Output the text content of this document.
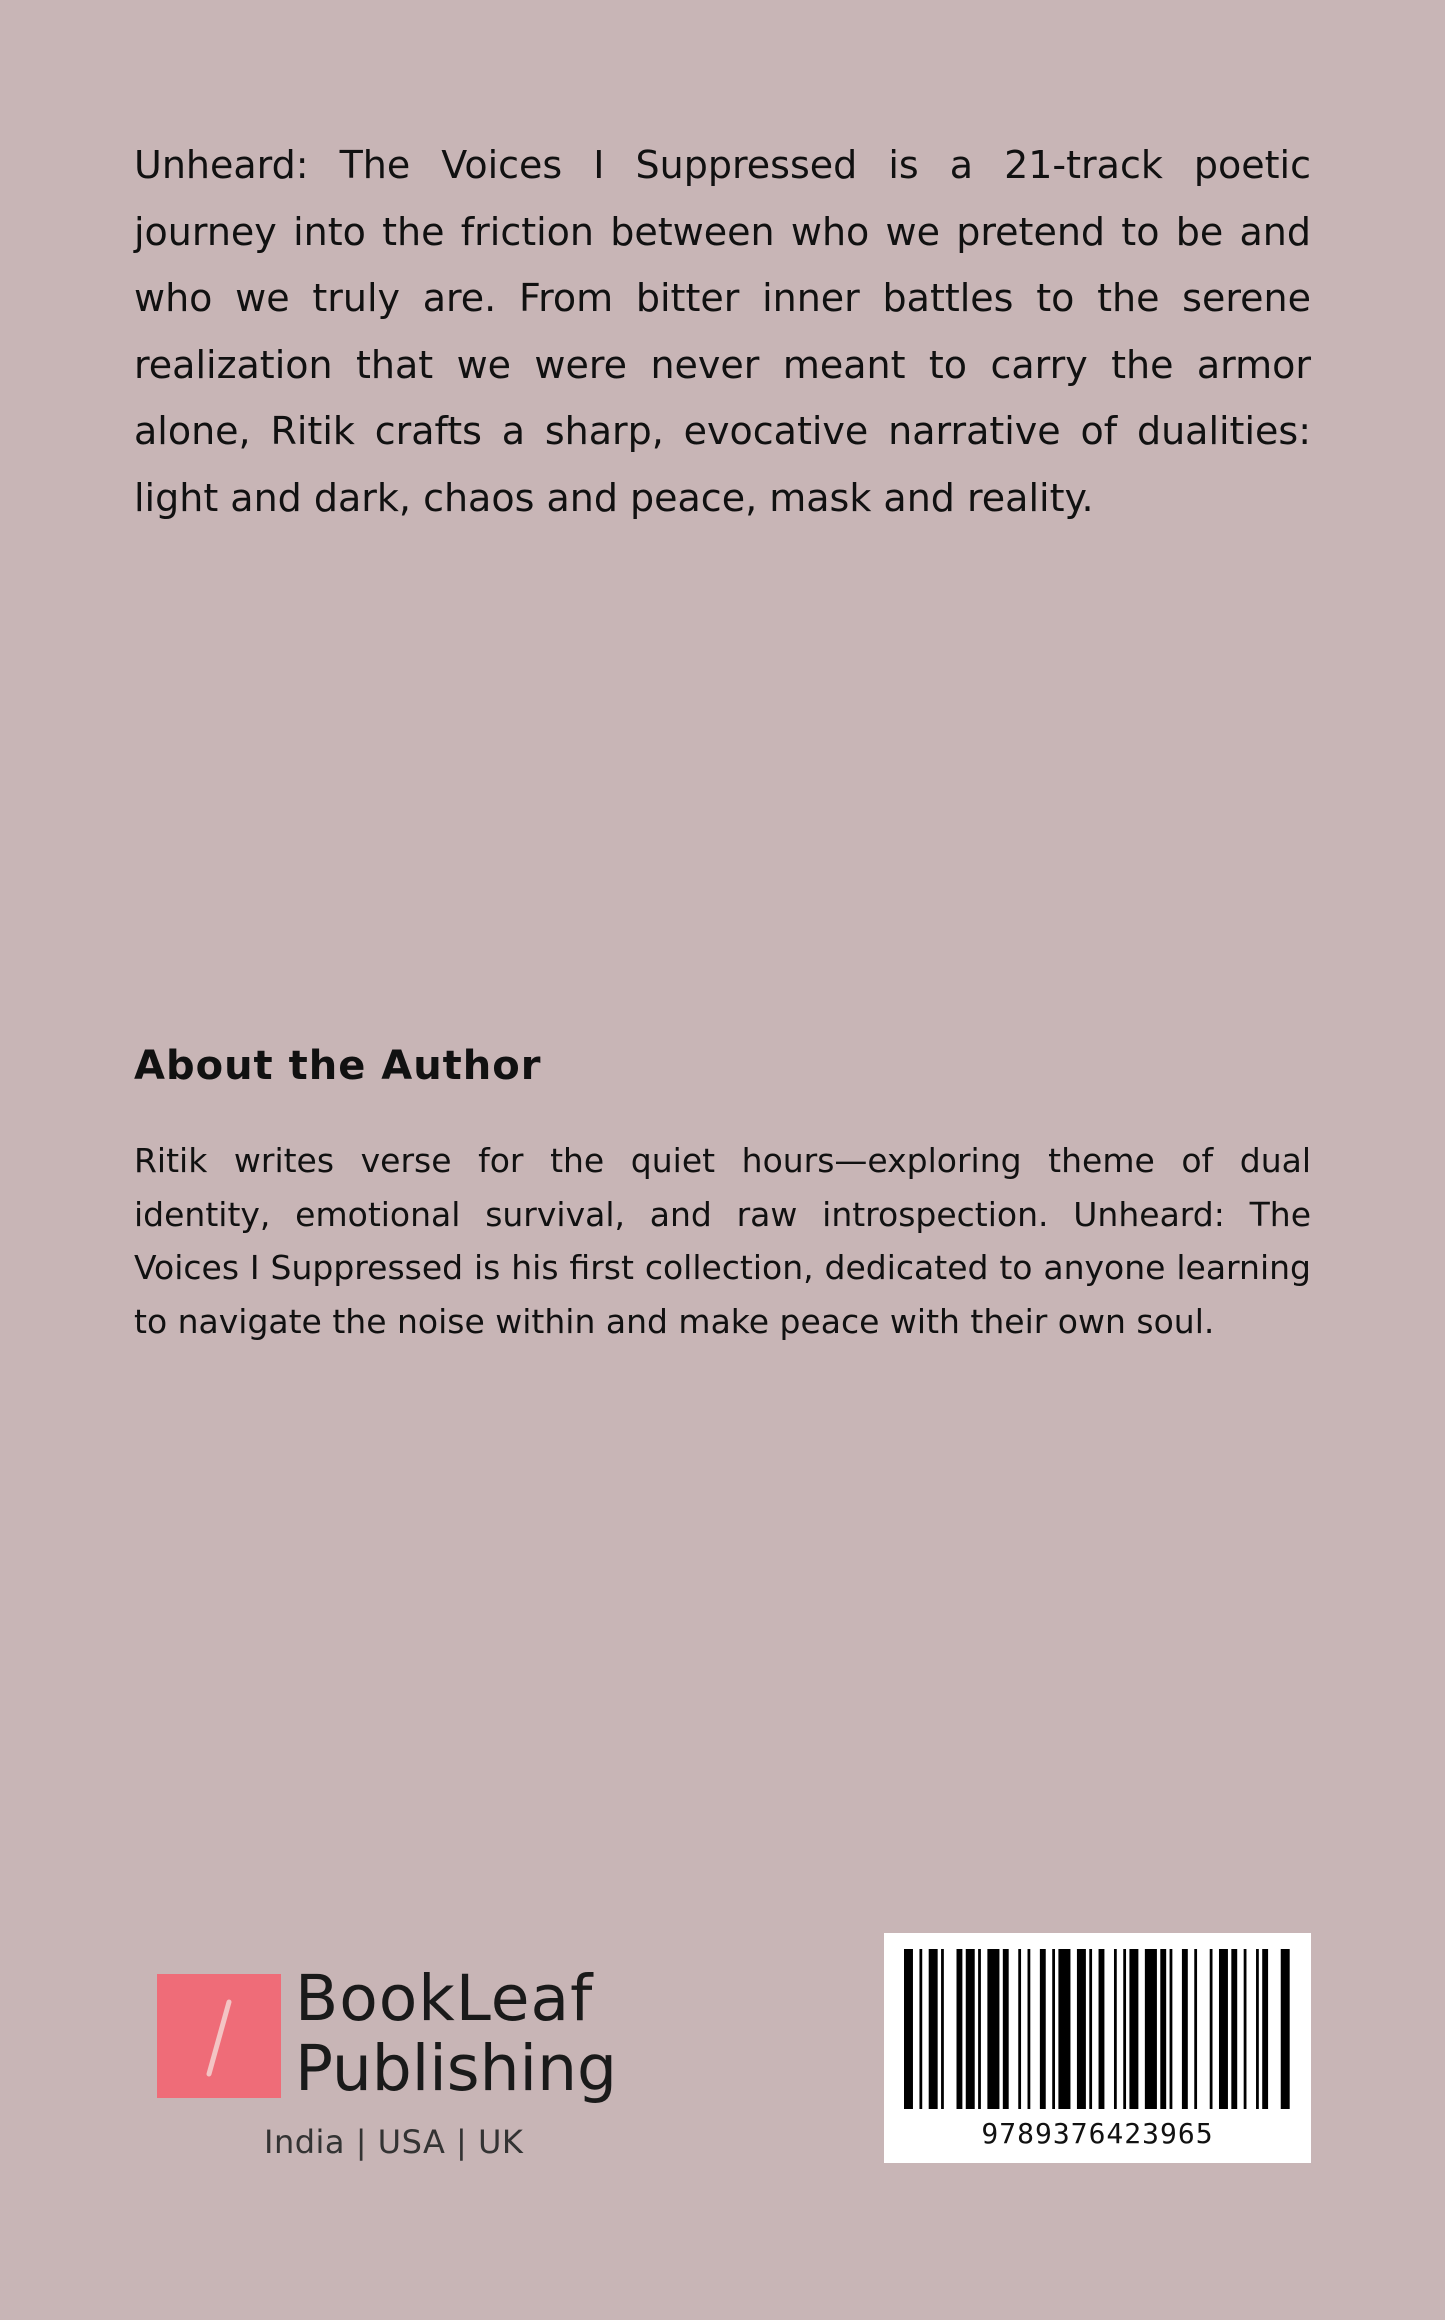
Unheard: The Voices I Suppressed is a 21-track poetic journey into the friction between who we pretend to be and who we truly are. From bitter inner battles to the serene realization that we were never meant to carry the armor alone, Ritik crafts a sharp, evocative narrative of dualities: light and dark, chaos and peace, mask and reality.

About the Author

Ritik writes verse for the quiet hours—exploring theme of dual identity, emotional survival, and raw introspection. Unheard: The Voices I Suppressed is his first collection, dedicated to anyone learning to navigate the noise within and make peace with their own soul.

BookLeaf
Publishing
India | USA | UK	9789376423965
